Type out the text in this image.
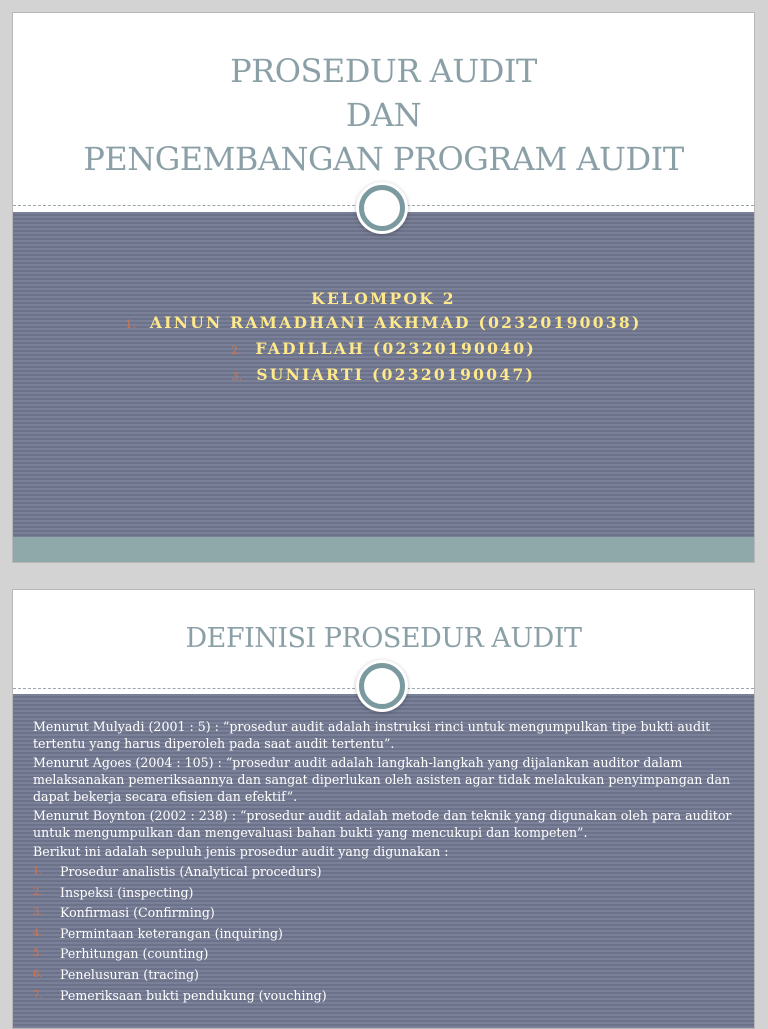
PROSEDUR AUDIT
DAN
PENGEMBANGAN PROGRAM AUDIT
KELOMPOK 2
1. AINUN RAMADHANI AKHMAD (02320190038)
2. FADILLAH (02320190040)
3. SUNIARTI (02320190047)
DEFINISI PROSEDUR AUDIT

Menurut Mulyadi (2001 : 5) : “prosedur audit adalah instruksi rinci untuk mengumpulkan tipe bukti audit tertentu yang harus diperoleh pada saat audit tertentu”.

Menurut Agoes (2004 : 105) : “prosedur audit adalah langkah-langkah yang dijalankan auditor dalam melaksanakan pemeriksaannya dan sangat diperlukan oleh asisten agar tidak melakukan penyimpangan dan dapat bekerja secara efisien dan efektif”.

Menurut Boynton (2002 : 238) : “prosedur audit adalah metode dan teknik yang digunakan oleh para auditor untuk mengumpulkan dan mengevaluasi bahan bukti yang mencukupi dan kompeten”.

Berikut ini adalah sepuluh jenis prosedur audit yang digunakan :

1. Prosedur analistis (Analytical procedurs)
2. Inspeksi (inspecting)
3. Konfirmasi (Confirming)
4. Permintaan keterangan (inquiring)
5. Perhitungan (counting)
6. Penelusuran (tracing)
7. Pemeriksaan bukti pendukung (vouching)
